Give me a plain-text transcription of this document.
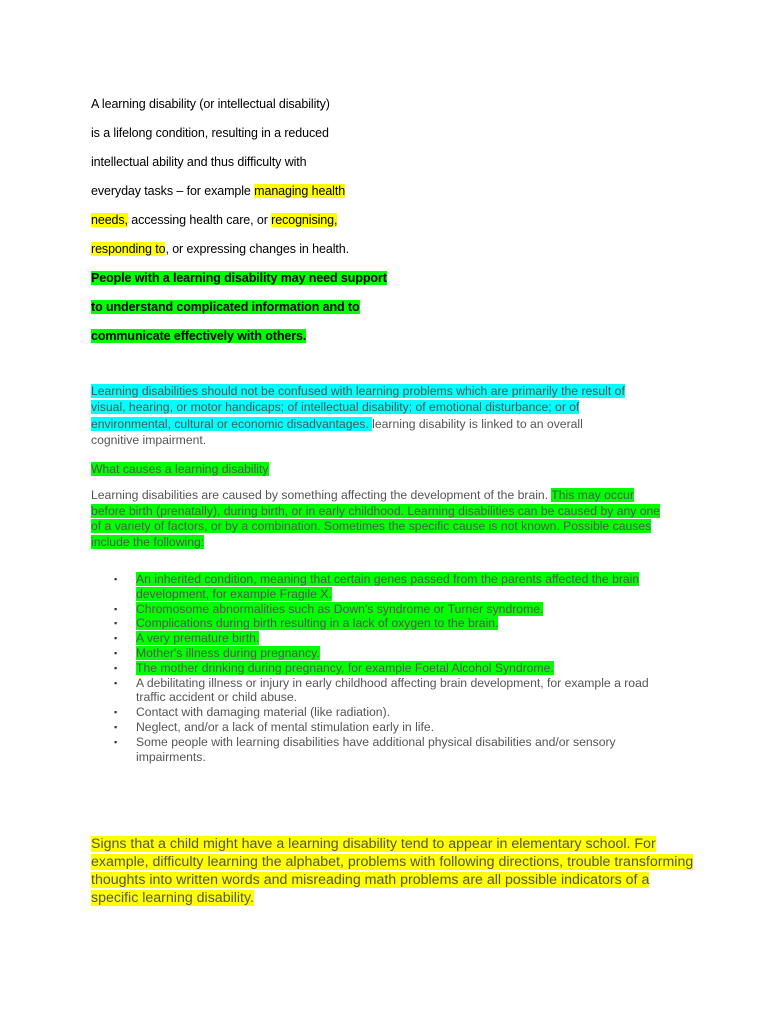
A learning disability (or intellectual disability)
is a lifelong condition, resulting in a reduced
intellectual ability and thus difficulty with
everyday tasks – for example managing health
needs, accessing health care, or recognising,
responding to, or expressing changes in health.
People with a learning disability may need support
to understand complicated information and to
communicate effectively with others.
Learning disabilities should not be confused with learning problems which are primarily the result of
visual, hearing, or motor handicaps; of intellectual disability; of emotional disturbance; or of
environmental, cultural or economic disadvantages. learning disability is linked to an overall
cognitive impairment.
What causes a learning disability
Learning disabilities are caused by something affecting the development of the brain. This may occur
before birth (prenatally), during birth, or in early childhood. Learning disabilities can be caused by any one
of a variety of factors, or by a combination. Sometimes the specific cause is not known. Possible causes
include the following:
▪ An inherited condition, meaning that certain genes passed from the parents affected the brain
development, for example Fragile X.
▪ Chromosome abnormalities such as Down's syndrome or Turner syndrome.
▪ Complications during birth resulting in a lack of oxygen to the brain.
▪ A very premature birth.
▪ Mother's illness during pregnancy.
▪ The mother drinking during pregnancy, for example Foetal Alcohol Syndrome.
▪ A debilitating illness or injury in early childhood affecting brain development, for example a road
traffic accident or child abuse.
▪ Contact with damaging material (like radiation).
▪ Neglect, and/or a lack of mental stimulation early in life.
▪ Some people with learning disabilities have additional physical disabilities and/or sensory
impairments.
Signs that a child might have a learning disability tend to appear in elementary school. For
example, difficulty learning the alphabet, problems with following directions, trouble transforming
thoughts into written words and misreading math problems are all possible indicators of a
specific learning disability.
